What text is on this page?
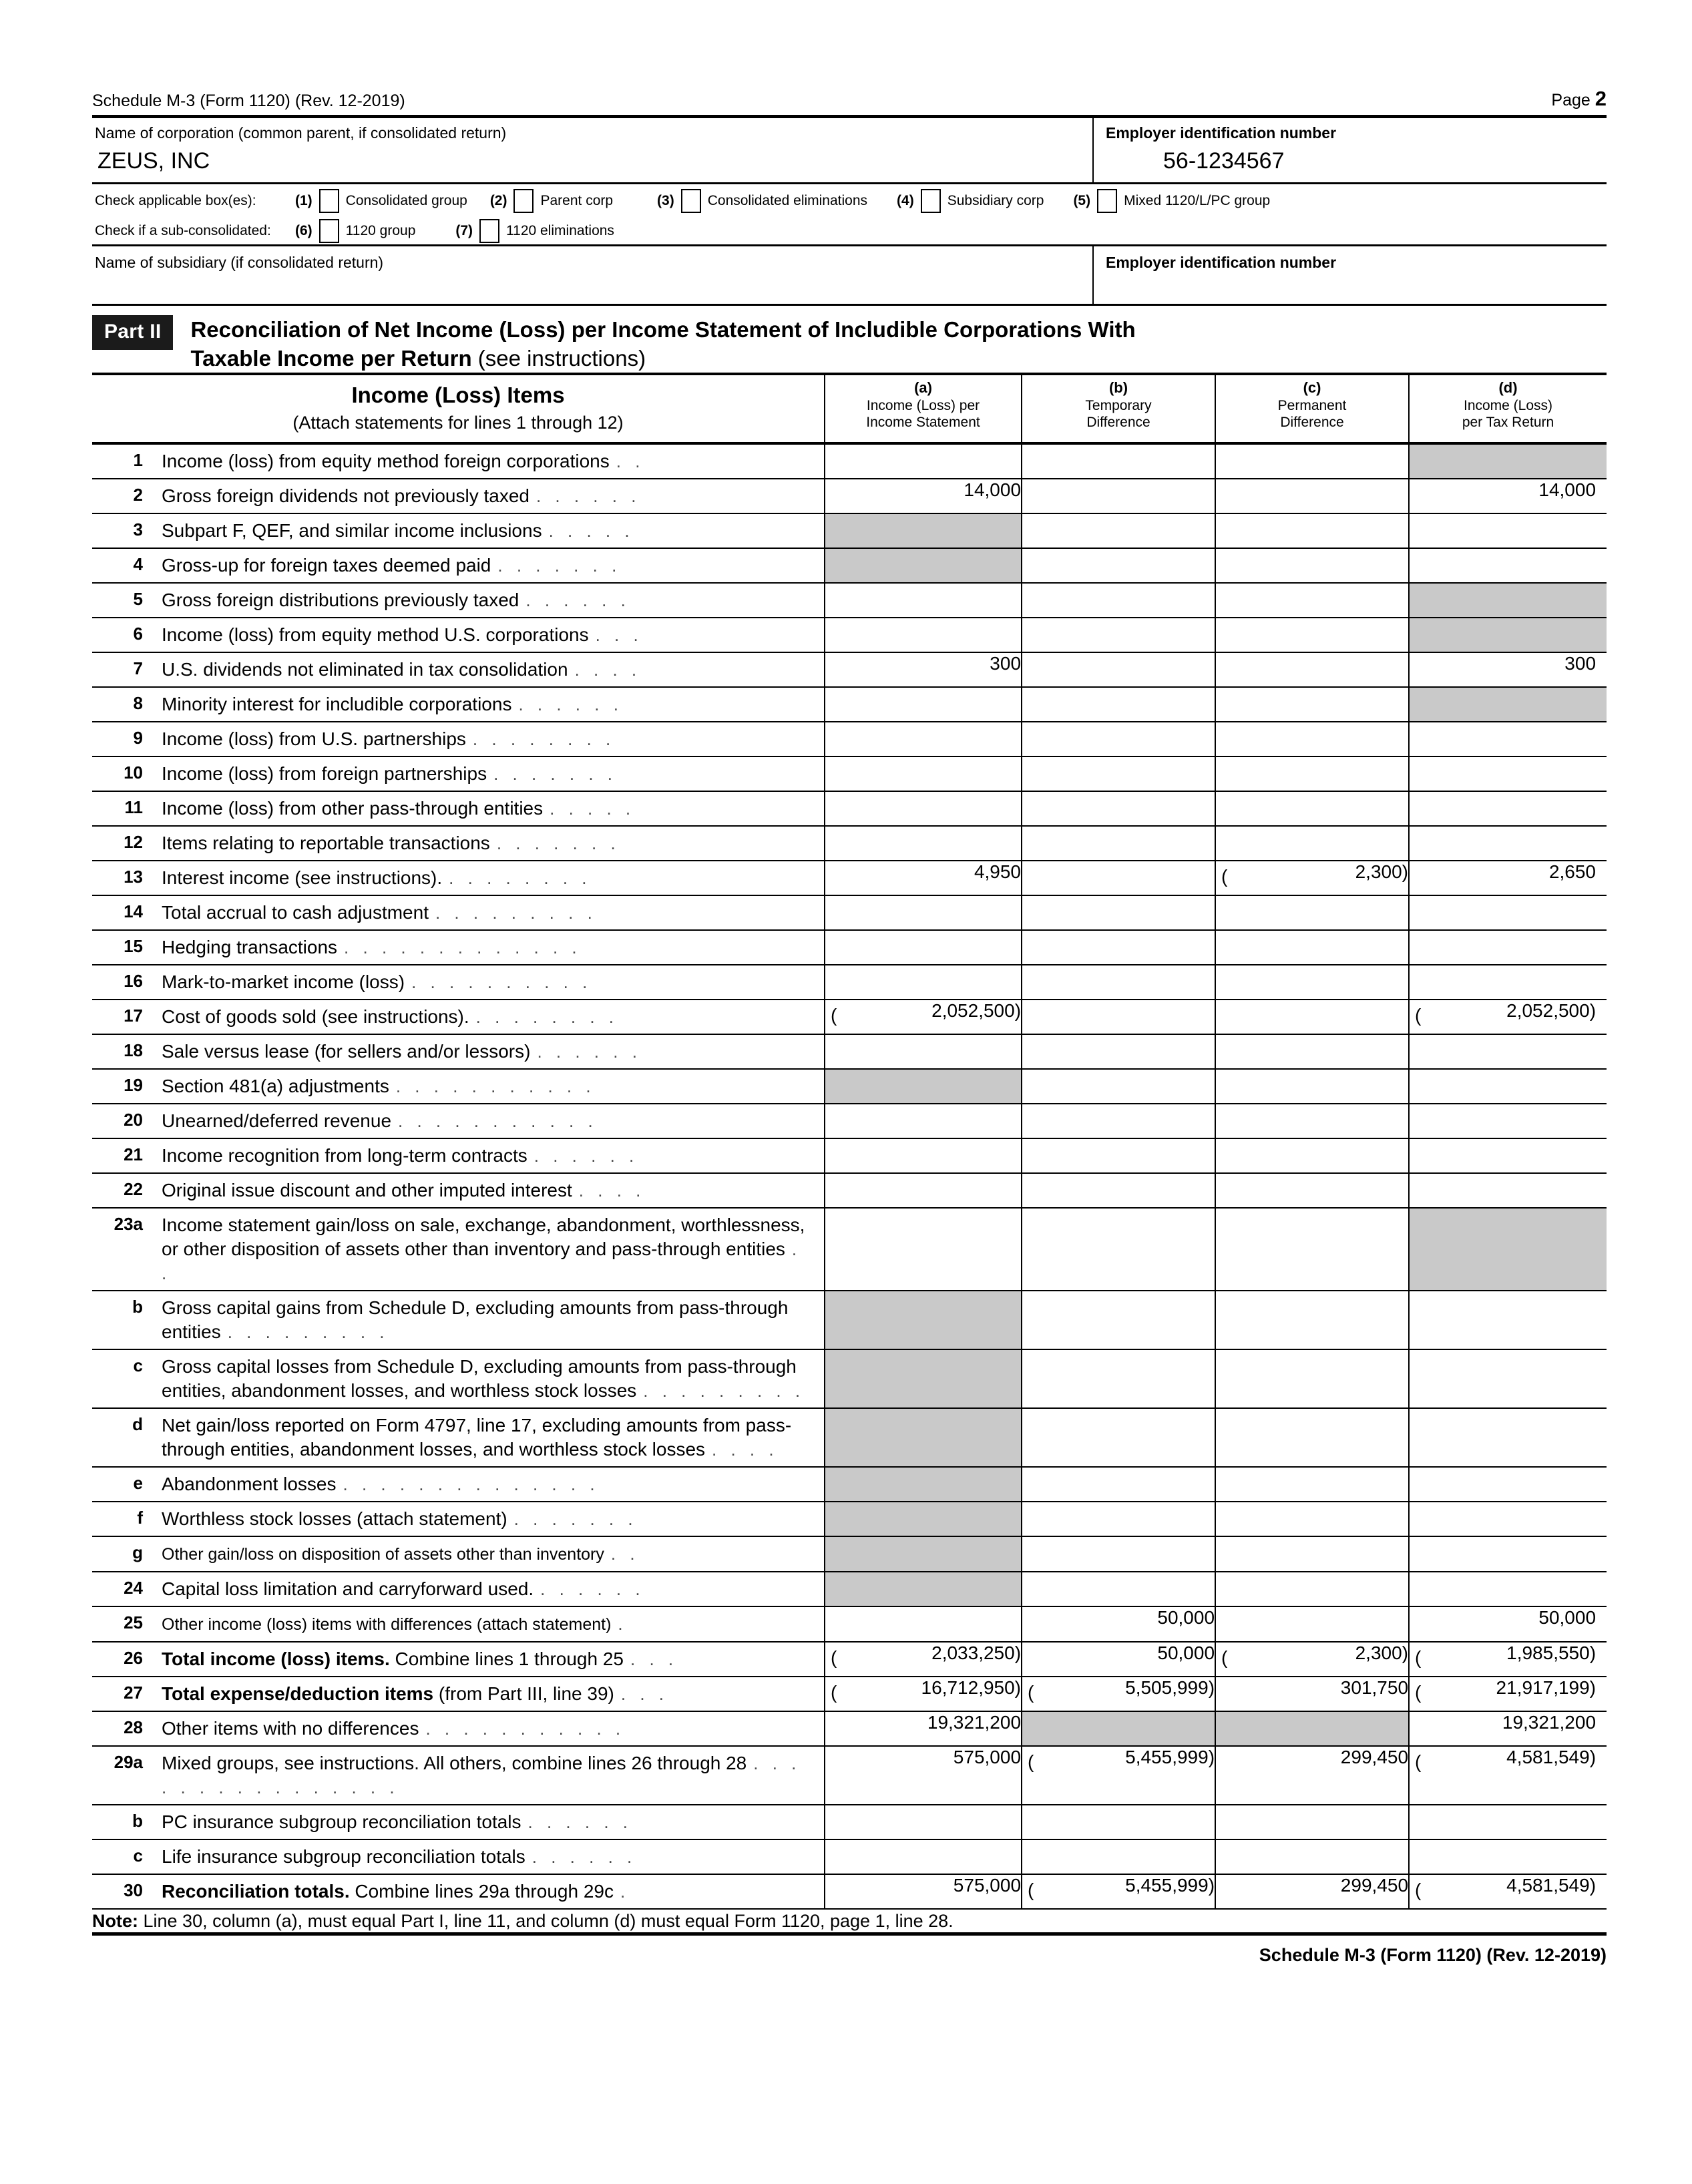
Schedule M-3 (Form 1120) (Rev. 12-2019)	Page 2
Name of corporation (common parent, if consolidated return)
ZEUS, INC
Employer identification number
56-1234567
Check applicable box(es):	(1) Consolidated group (2) Parent corp	(3) Consolidated eliminations (4) Subsidiary corp (5) Mixed 1120/L/PC group
Check if a sub-consolidated:	(6) 1120 group	(7) 1120 eliminations
Name of subsidiary (if consolidated return)	Employer identification number
Part II	Reconciliation of Net Income (Loss) per Income Statement of Includible Corporations With
Taxable Income per Return (see instructions)
Income (Loss) Items
(Attach statements for lines 1 through 12)

(a)
Income (Loss) per
Income Statement	
(b)
Temporary
Difference	
(c)
Permanent
Difference	
(d)
Income (Loss)
per Tax Return
1	Income (loss) from equity method foreign corporations . .				
2	Gross foreign dividends not previously taxed . . . . . .	14,000			14,000
3	Subpart F, QEF, and similar income inclusions . . . . .				
4	Gross-up for foreign taxes deemed paid . . . . . . .				
5	Gross foreign distributions previously taxed . . . . . .				
6	Income (loss) from equity method U.S. corporations . . .				
7	U.S. dividends not eliminated in tax consolidation . . . .	300			300
8	Minority interest for includible corporations . . . . . .				
9	Income (loss) from U.S. partnerships . . . . . . . .				
10	Income (loss) from foreign partnerships . . . . . . .				
11	Income (loss) from other pass-through entities . . . . .				
12	Items relating to reportable transactions . . . . . . .				
13	Interest income (see instructions). . . . . . . . .	4,950		( 2,300)	2,650
14	Total accrual to cash adjustment . . . . . . . . .				
15	Hedging transactions . . . . . . . . . . . . .				
16	Mark-to-market income (loss) . . . . . . . . . .				
17	Cost of goods sold (see instructions). . . . . . . . .	( 2,052,500)			( 2,052,500)
18	Sale versus lease (for sellers and/or lessors) . . . . . .				
19	Section 481(a) adjustments . . . . . . . . . . .				
20	Unearned/deferred revenue . . . . . . . . . . .				
21	Income recognition from long-term contracts . . . . . .				
22	Original issue discount and other imputed interest . . . .				
23a	Income statement gain/loss on sale, exchange, abandonment, worthlessness, or other disposition of assets other than inventory and pass-through entities . .				
b	Gross capital gains from Schedule D, excluding amounts from pass-through entities . . . . . . . . .				
c	Gross capital losses from Schedule D, excluding amounts from pass-through entities, abandonment losses, and worthless stock losses . . . . . . . . .				
d	Net gain/loss reported on Form 4797, line 17, excluding amounts from pass-through entities, abandonment losses, and worthless stock losses . . . .				
e	Abandonment losses . . . . . . . . . . . . . .				
f	Worthless stock losses (attach statement) . . . . . . .				
g	Other gain/loss on disposition of assets other than inventory . .				
24	Capital loss limitation and carryforward used. . . . . . .				
25	Other income (loss) items with differences (attach statement) .		50,000		50,000
26	Total income (loss) items. Combine lines 1 through 25 . . .	( 2,033,250)	50,000	( 2,300)	( 1,985,550)
27	Total expense/deduction items (from Part III, line 39) . . .	( 16,712,950)	( 5,505,999)	301,750	( 21,917,199)
28	Other items with no differences . . . . . . . . . . .	19,321,200			19,321,200
29a	Mixed groups, see instructions. All others, combine lines 26 through 28 . . . . . . . . . . . . . . . .	575,000	( 5,455,999)	299,450	( 4,581,549)
b	PC insurance subgroup reconciliation totals . . . . . .				
c	Life insurance subgroup reconciliation totals . . . . . .				
30	Reconciliation totals. Combine lines 29a through 29c .	575,000	( 5,455,999)	299,450	( 4,581,549)
Note: Line 30, column (a), must equal Part I, line 11, and column (d) must equal Form 1120, page 1, line 28.					
Schedule M-3 (Form 1120) (Rev. 12-2019)
